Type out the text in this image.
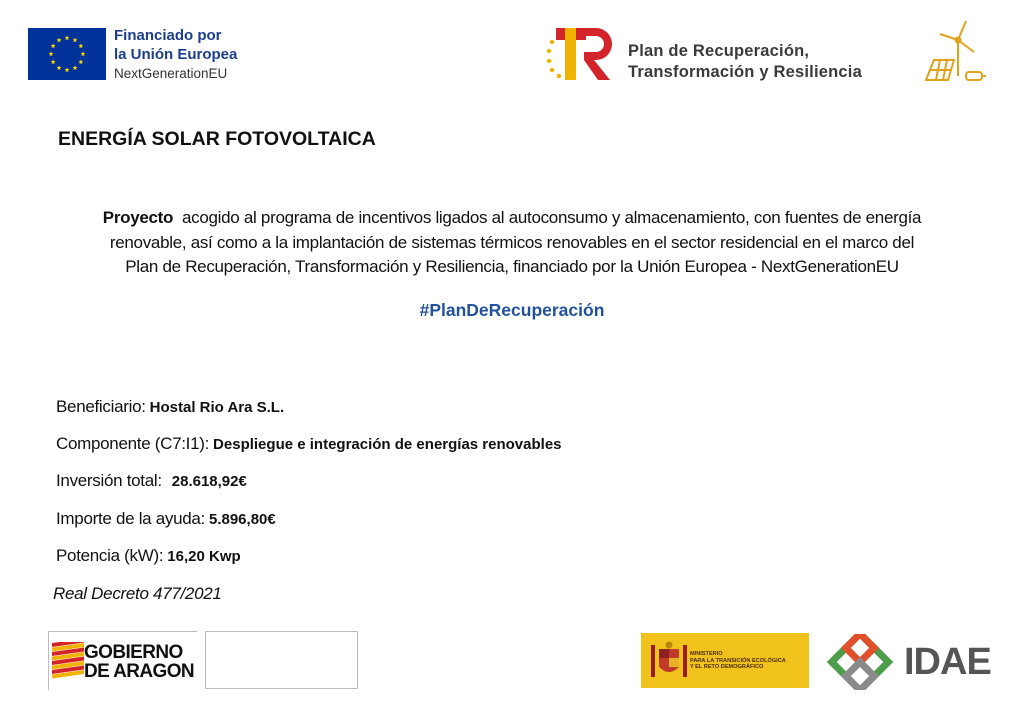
Financiado por
la Unión Europea
NextGenerationEU
Plan de Recuperación,
Transformación y Resiliencia
ENERGÍA SOLAR FOTOVOLTAICA
Proyecto acogido al programa de incentivos ligados al autoconsumo y almacenamiento, con fuentes de energía
renovable, así como a la implantación de sistemas térmicos renovables en el sector residencial en el marco del
Plan de Recuperación, Transformación y Resiliencia, financiado por la Unión Europea - NextGenerationEU
#PlanDeRecuperación
Beneficiario: Hostal Rio Ara S.L.
Componente (C7:I1): Despliegue e integración de energías renovables
Inversión total: 28.618,92€
Importe de la ayuda: 5.896,80€
Potencia (kW): 16,20 Kwp
Real Decreto 477/2021
GOBIERNO
DE ARAGON
MINISTERIO
PARA LA TRANSICIÓN ECOLÓGICA
Y EL RETO DEMOGRÁFICO	IDAE
